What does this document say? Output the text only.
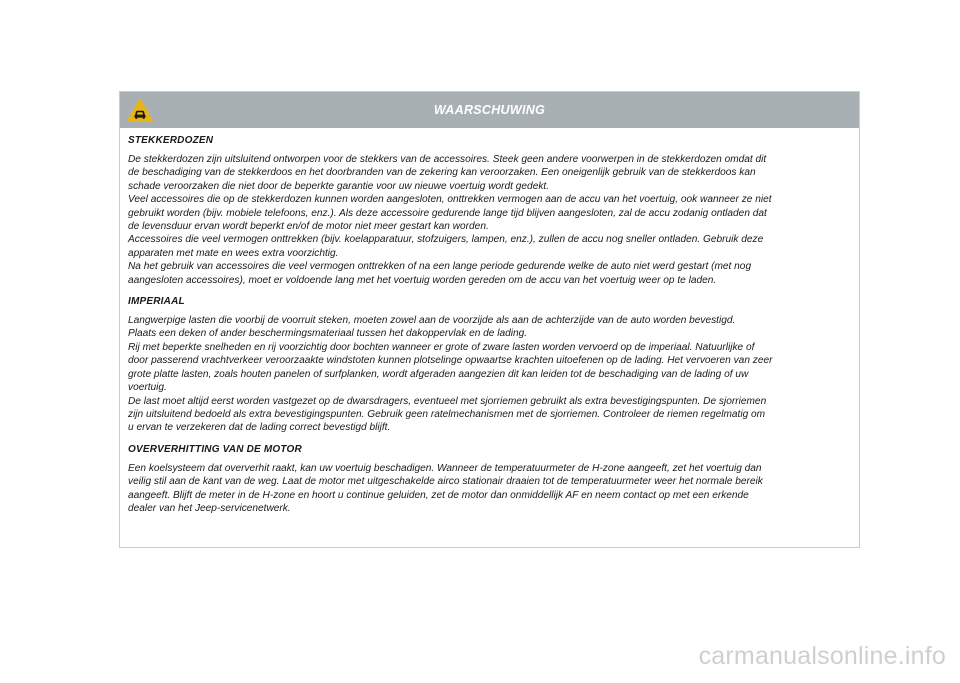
WAARSCHUWING
STEKKERDOZEN

De stekkerdozen zijn uitsluitend ontworpen voor de stekkers van de accessoires. Steek geen andere voorwerpen in de stekkerdozen omdat dit
de beschadiging van de stekkerdoos en het doorbranden van de zekering kan veroorzaken. Een oneigenlijk gebruik van de stekkerdoos kan
schade veroorzaken die niet door de beperkte garantie voor uw nieuwe voertuig wordt gedekt.
Veel accessoires die op de stekkerdozen kunnen worden aangesloten, onttrekken vermogen aan de accu van het voertuig, ook wanneer ze niet
gebruikt worden (bijv. mobiele telefoons, enz.). Als deze accessoire gedurende lange tijd blijven aangesloten, zal de accu zodanig ontladen dat
de levensduur ervan wordt beperkt en/of de motor niet meer gestart kan worden.
Accessoires die veel vermogen onttrekken (bijv. koelapparatuur, stofzuigers, lampen, enz.), zullen de accu nog sneller ontladen. Gebruik deze
apparaten met mate en wees extra voorzichtig.
Na het gebruik van accessoires die veel vermogen onttrekken of na een lange periode gedurende welke de auto niet werd gestart (met nog
aangesloten accessoires), moet er voldoende lang met het voertuig worden gereden om de accu van het voertuig weer op te laden.

IMPERIAAL

Langwerpige lasten die voorbij de voorruit steken, moeten zowel aan de voorzijde als aan de achterzijde van de auto worden bevestigd.
Plaats een deken of ander beschermingsmateriaal tussen het dakoppervlak en de lading.
Rij met beperkte snelheden en rij voorzichtig door bochten wanneer er grote of zware lasten worden vervoerd op de imperiaal. Natuurlijke of
door passerend vrachtverkeer veroorzaakte windstoten kunnen plotselinge opwaartse krachten uitoefenen op de lading. Het vervoeren van zeer
grote platte lasten, zoals houten panelen of surfplanken, wordt afgeraden aangezien dit kan leiden tot de beschadiging van de lading of uw
voertuig.
De last moet altijd eerst worden vastgezet op de dwarsdragers, eventueel met sjorriemen gebruikt als extra bevestigingspunten. De sjorriemen
zijn uitsluitend bedoeld als extra bevestigingspunten. Gebruik geen ratelmechanismen met de sjorriemen. Controleer de riemen regelmatig om
u ervan te verzekeren dat de lading correct bevestigd blijft.

OVERVERHITTING VAN DE MOTOR

Een koelsysteem dat oververhit raakt, kan uw voertuig beschadigen. Wanneer de temperatuurmeter de H-zone aangeeft, zet het voertuig dan
veilig stil aan de kant van de weg. Laat de motor met uitgeschakelde airco stationair draaien tot de temperatuurmeter weer het normale bereik
aangeeft. Blijft de meter in de H-zone en hoort u continue geluiden, zet de motor dan onmiddellijk AF en neem contact op met een erkende
dealer van het Jeep-servicenetwerk.

carmanualsonline.info
